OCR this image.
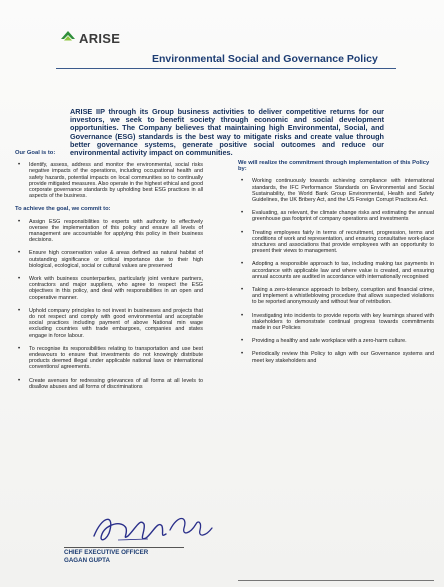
ARISE
Environmental Social and Governance Policy
ARISE IIP through its Group business activities to deliver competitive returns for our investors, we seek to benefit society through economic and social development opportunities. The Company believes that maintaining high Environmental, Social, and Governance (ESG) standards is the best way to mitigate risks and create value through better governance systems, generate positive social outcomes and reduce our environmental activity impact on communities.
Our Goal is to:
• Identify, assess, address and monitor the environmental, social risks negative impacts of the operations, including occupational health and safety hazards, potential impacts on local communities so to continually provide mitigated measures. Also operate in the highest ethical and good corporate governance standards by upholding best ESG practices in all aspects of the business.
To achieve the goal, we commit to:
• Assign ESG responsibilities to experts with authority to effectively oversee the implementation of this policy and ensure all levels of management are accountable for applying this policy in their business decisions.
• Ensure high conservation value & areas defined as natural habitat of outstanding significance or critical importance due to their high biological, ecological, social or cultural values are preserved
• Work with business counterparties, particularly joint venture partners, contractors and major suppliers, who agree to respect the ESG objectives in this policy, and deal with responsibilities in an open and cooperative manner.
• Uphold company principles to not invest in businesses and projects that do not respect and comply with good environmental and acceptable social practices including payment of above National min wage excluding countries with trade embargoes, companies and states engage in force labour.
• To recognise its responsibilities relating to transportation and use best endeavours to ensure that investments do not knowingly distribute products deemed illegal under applicable national laws or international conventions/ agreements.
• Create avenues for redressing grievances of all forms at all levels to disallow abuses and all forms of discriminations
We will realize the commitment through implementation of this Policy by:
• Working continuously towards achieving compliance with international standards, the IFC Performance Standards on Environmental and Social Sustainability, the World Bank Group Environmental, Health and Safety Guidelines, the UK Bribery Act, and the US Foreign Corrupt Practices Act.
• Evaluating, as relevant, the climate change risks and estimating the annual greenhouse gas footprint of company operations and investments
• Treating employees fairly in terms of recruitment, progression, terms and conditions of work and representation, and ensuring consultative work-place structures and associations that provide employees with an opportunity to present their views to management.
• Adopting a responsible approach to tax, including making tax payments in accordance with applicable law and where value is created, and ensuring annual accounts are audited in accordance with internationally recognised
• Taking a zero-tolerance approach to bribery, corruption and financial crime, and implement a whistleblowing procedure that allows suspected violations to be reported anonymously and without fear of retribution.
• Investigating into incidents to provide reports with key learnings shared with stakeholders to demonstrate continual progress towards commitments made in our Policies
• Providing a healthy and safe workplace with a zero-harm culture.
• Periodically review this Policy to align with our Governance systems and meet key stakeholders and
CHIEF EXECUTIVE OFFICER
GAGAN GUPTA
